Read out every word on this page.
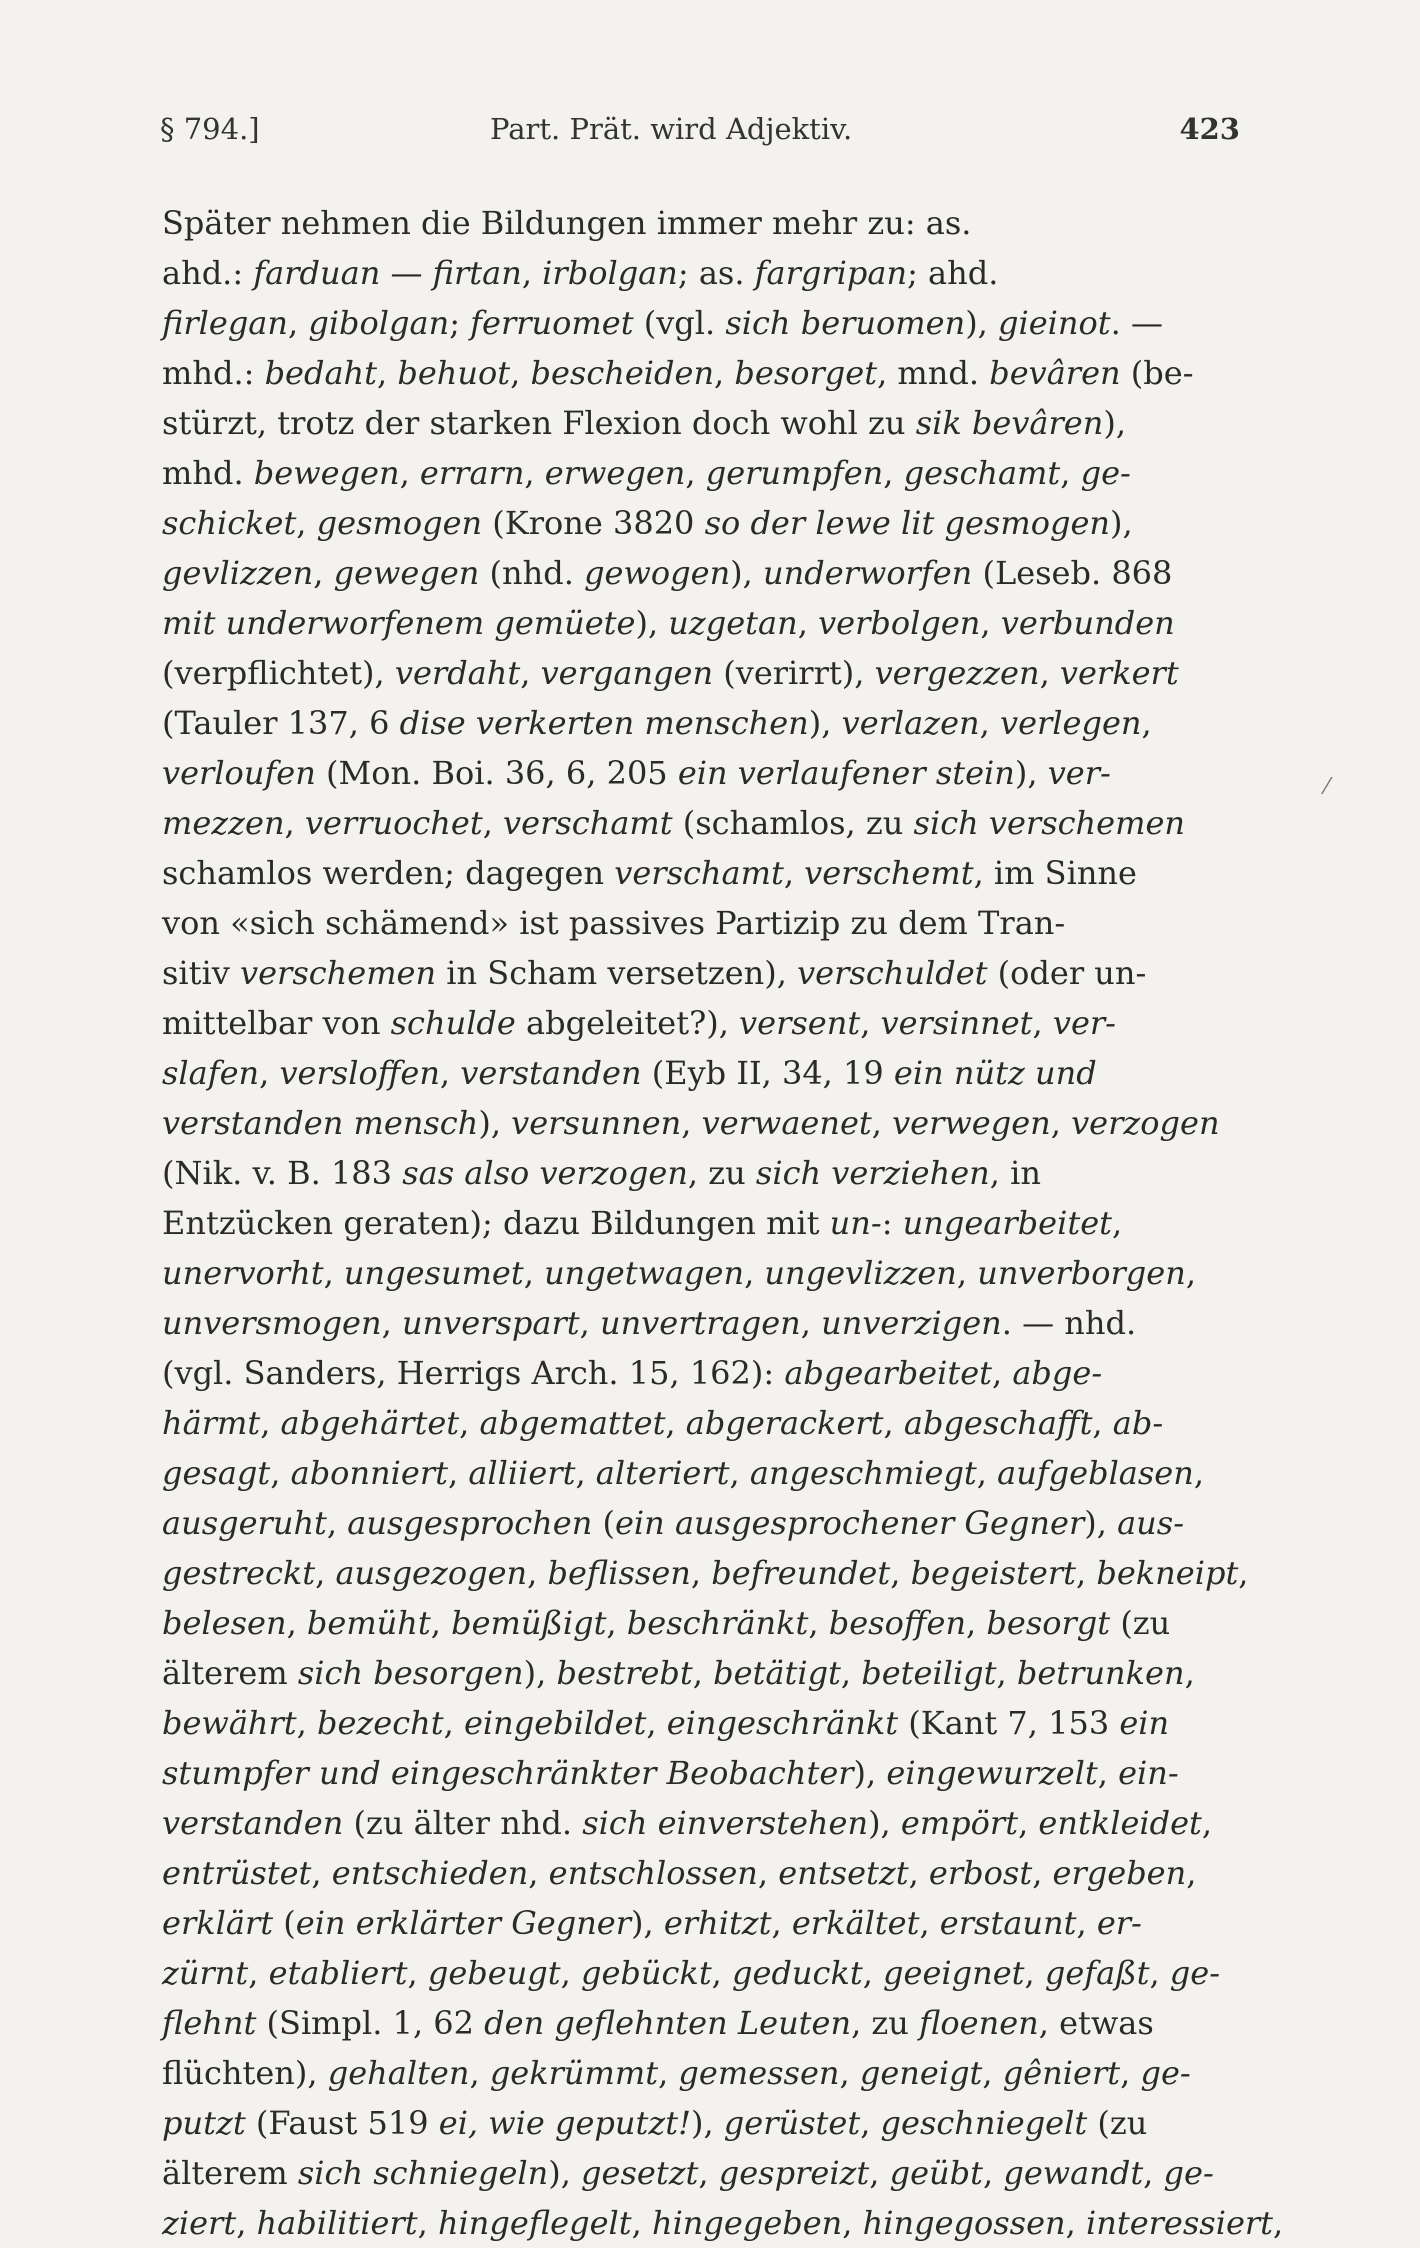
§ 794.]	Part. Prät. wird Adjektiv.	423
Später nehmen die Bildungen immer mehr zu: as.
ahd.: farduan — firtan, irbolgan; as. fargripan; ahd.
firlegan, gibolgan; ferruomet (vgl. sich beruomen), gieinot. —
mhd.: bedaht, behuot, bescheiden, besorget, mnd. bevâren (be-
stürzt, trotz der starken Flexion doch wohl zu sik bevâren),
mhd. bewegen, errarn, erwegen, gerumpfen, geschamt, ge-
schicket, gesmogen (Krone 3820 so der lewe lit gesmogen),
gevlizzen, gewegen (nhd. gewogen), underworfen (Leseb. 868
mit underworfenem gemüete), uzgetan, verbolgen, verbunden
(verpflichtet), verdaht, vergangen (verirrt), vergezzen, verkert
(Tauler 137, 6 dise verkerten menschen), verlazen, verlegen,
verloufen (Mon. Boi. 36, 6, 205 ein verlaufener stein), ver-
mezzen, verruochet, verschamt (schamlos, zu sich verschemen
schamlos werden; dagegen verschamt, verschemt, im Sinne
von «sich schämend» ist passives Partizip zu dem Tran-
sitiv verschemen in Scham versetzen), verschuldet (oder un-
mittelbar von schulde abgeleitet?), versent, versinnet, ver-
slafen, versloffen, verstanden (Eyb II, 34, 19 ein nütz und
verstanden mensch), versunnen, verwaenet, verwegen, verzogen
(Nik. v. B. 183 sas also verzogen, zu sich verziehen, in
Entzücken geraten); dazu Bildungen mit un-: ungearbeitet,
unervorht, ungesumet, ungetwagen, ungevlizzen, unverborgen,
unversmogen, unverspart, unvertragen, unverzigen. — nhd.
(vgl. Sanders, Herrigs Arch. 15, 162): abgearbeitet, abge-
härmt, abgehärtet, abgemattet, abgerackert, abgeschafft, ab-
gesagt, abonniert, alliiert, alteriert, angeschmiegt, aufgeblasen,
ausgeruht, ausgesprochen (ein ausgesprochener Gegner), aus-
gestreckt, ausgezogen, beflissen, befreundet, begeistert, bekneipt,
belesen, bemüht, bemüßigt, beschränkt, besoffen, besorgt (zu
älterem sich besorgen), bestrebt, betätigt, beteiligt, betrunken,
bewährt, bezecht, eingebildet, eingeschränkt (Kant 7, 153 ein
stumpfer und eingeschränkter Beobachter), eingewurzelt, ein-
verstanden (zu älter nhd. sich einverstehen), empört, entkleidet,
entrüstet, entschieden, entschlossen, entsetzt, erbost, ergeben,
erklärt (ein erklärter Gegner), erhitzt, erkältet, erstaunt, er-
zürnt, etabliert, gebeugt, gebückt, geduckt, geeignet, gefaßt, ge-
flehnt (Simpl. 1, 62 den geflehnten Leuten, zu floenen, etwas
flüchten), gehalten, gekrümmt, gemessen, geneigt, gêniert, ge-
putzt (Faust 519 ei, wie geputzt!), gerüstet, geschniegelt (zu
älterem sich schniegeln), gesetzt, gespreizt, geübt, gewandt, ge-
ziert, habilitiert, hingeflegelt, hingegeben, hingegossen, interessiert,
⁄
